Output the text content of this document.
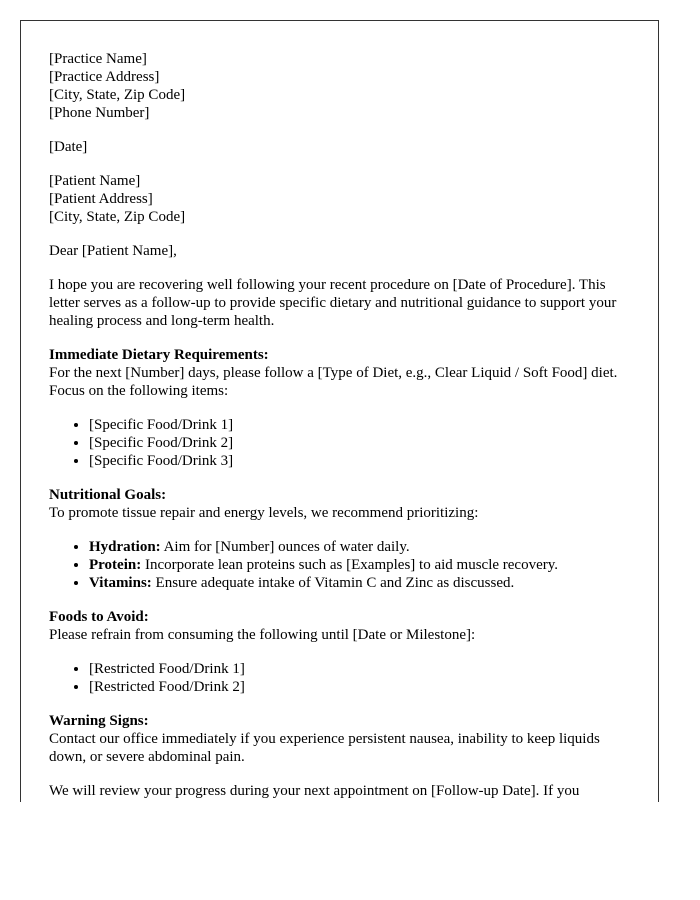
[Practice Name]
[Practice Address]
[City, State, Zip Code]
[Phone Number]

[Date]

[Patient Name]
[Patient Address]
[City, State, Zip Code]

Dear [Patient Name],

I hope you are recovering well following your recent procedure on [Date of Procedure]. This letter serves as a follow-up to provide specific dietary and nutritional guidance to support your healing process and long-term health.

Immediate Dietary Requirements:
For the next [Number] days, please follow a [Type of Diet, e.g., Clear Liquid / Soft Food] diet. Focus on the following items:

• [Specific Food/Drink 1]
• [Specific Food/Drink 2]
• [Specific Food/Drink 3]

Nutritional Goals:
To promote tissue repair and energy levels, we recommend prioritizing:

• Hydration: Aim for [Number] ounces of water daily.
• Protein: Incorporate lean proteins such as [Examples] to aid muscle recovery.
• Vitamins: Ensure adequate intake of Vitamin C and Zinc as discussed.

Foods to Avoid:
Please refrain from consuming the following until [Date or Milestone]:

• [Restricted Food/Drink 1]
• [Restricted Food/Drink 2]

Warning Signs:
Contact our office immediately if you experience persistent nausea, inability to keep liquids down, or severe abdominal pain.

We will review your progress during your next appointment on [Follow-up Date]. If you
